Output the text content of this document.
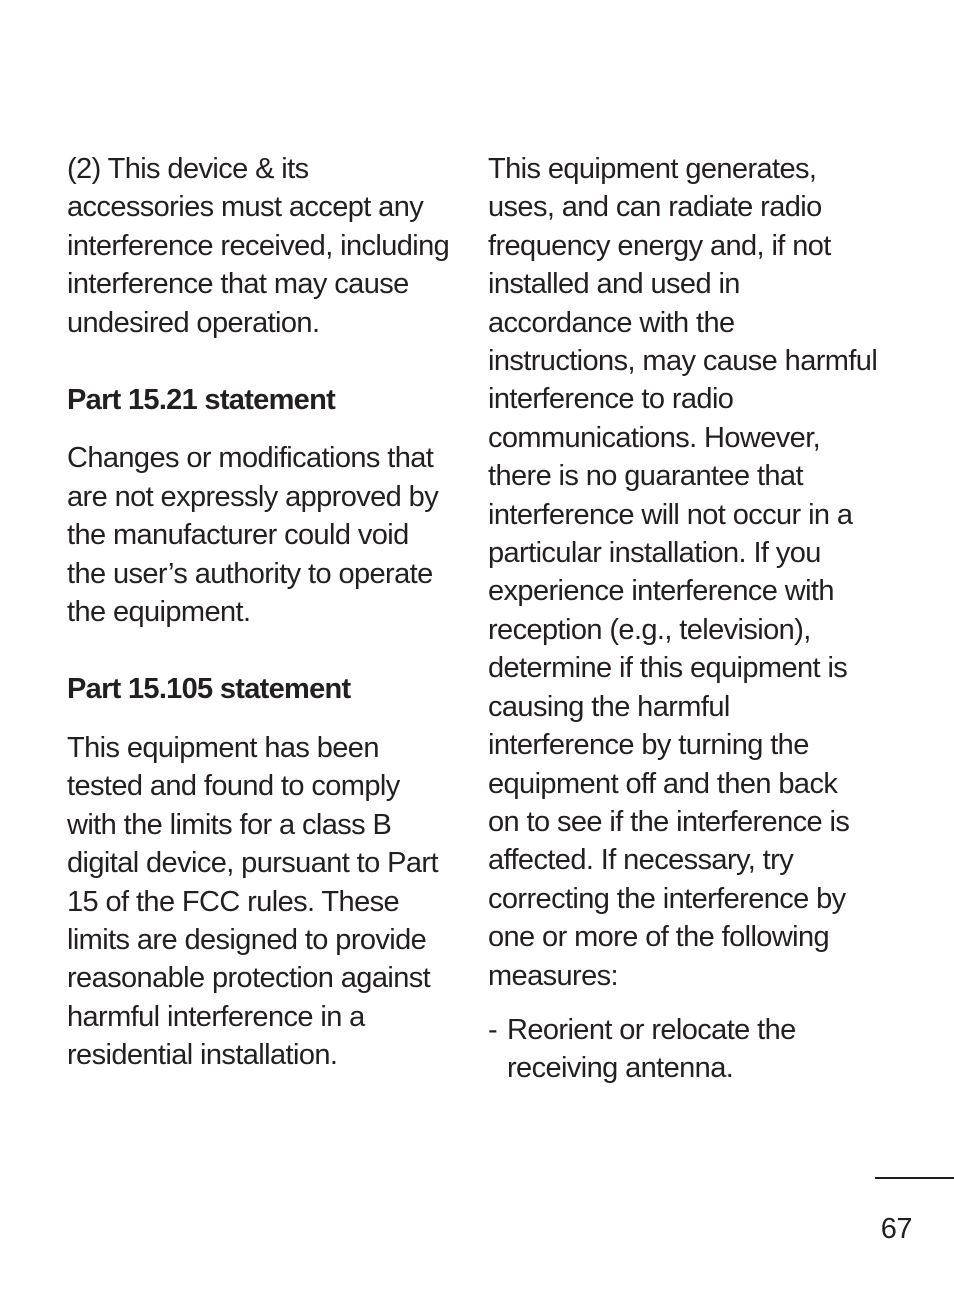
(2) This device & its
accessories must accept any
interference received, including
interference that may cause
undesired operation.

Part 15.21 statement

Changes or modifications that
are not expressly approved by
the manufacturer could void
the user’s authority to operate
the equipment.

Part 15.105 statement

This equipment has been
tested and found to comply
with the limits for a class B
digital device, pursuant to Part
15 of the FCC rules. These
limits are designed to provide
reasonable protection against
harmful interference in a
residential installation.

This equipment generates,
uses, and can radiate radio
frequency energy and, if not
installed and used in
accordance with the
instructions, may cause harmful
interference to radio
communications. However,
there is no guarantee that
interference will not occur in a
particular installation. If you
experience interference with
reception (e.g., television),
determine if this equipment is
causing the harmful
interference by turning the
equipment off and then back
on to see if the interference is
affected. If necessary, try
correcting the interference by
one or more of the following
measures:

- Reorient or relocate the
receiving antenna.
67
